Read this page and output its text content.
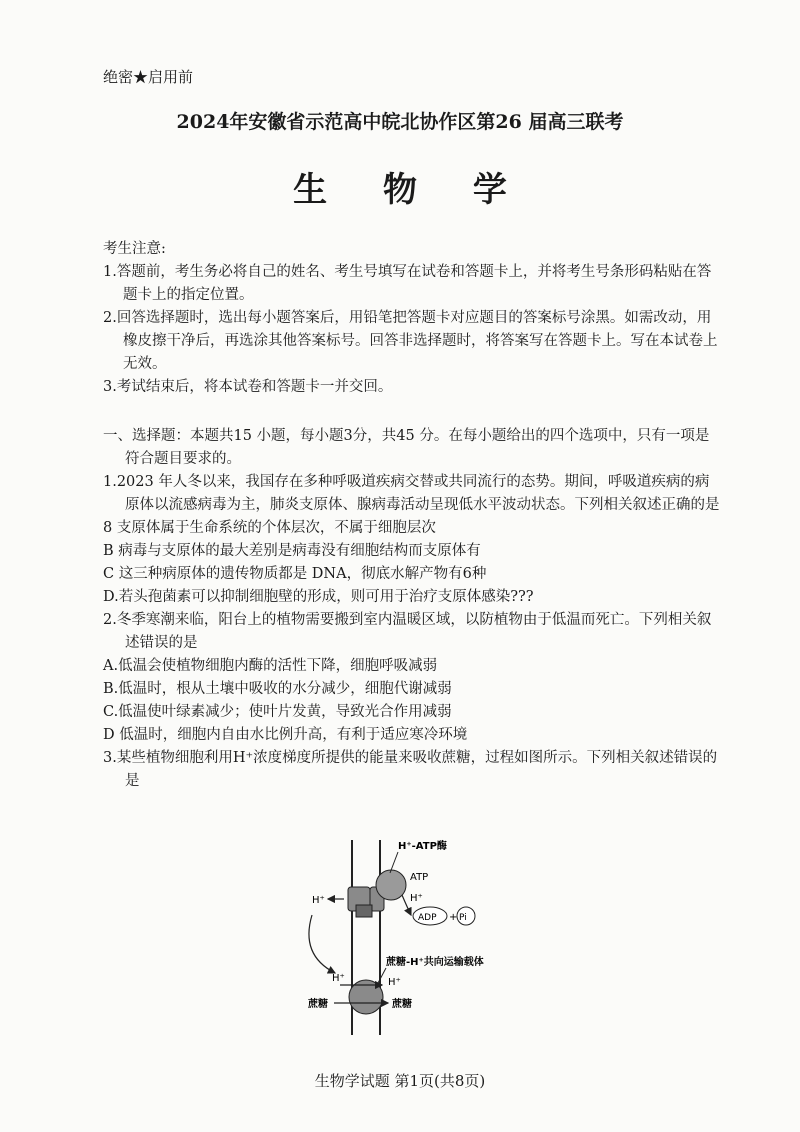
绝密★启用前
2024年安徽省示范高中皖北协作区第26 届高三联考
生 物 学
考生注意:
1.答题前，考生务必将自己的姓名、考生号填写在试卷和答题卡上，并将考生号条形码粘贴在答题卡上的指定位置。
2.回答选择题时，选出每小题答案后，用铅笔把答题卡对应题目的答案标号涂黑。如需改动，用橡皮擦干净后，再选涂其他答案标号。回答非选择题时，将答案写在答题卡上。写在本试卷上无效。
3.考试结束后，将本试卷和答题卡一并交回。
一、选择题：本题共15 小题，每小题3分，共45 分。在每小题给出的四个选项中，只有一项是符合题目要求的。
1.2023 年人冬以来，我国存在多种呼吸道疾病交替或共同流行的态势。期间，呼吸道疾病的病原体以流感病毒为主，肺炎支原体、腺病毒活动呈现低水平波动状态。下列相关叙述正确的是
8 支原体属于生命系统的个体层次，不属于细胞层次
B 病毒与支原体的最大差别是病毒没有细胞结构而支原体有
C 这三种病原体的遗传物质都是 DNA，彻底水解产物有6种
D.若头孢菌素可以抑制细胞壁的形成，则可用于治疗支原体感染???
2.冬季寒潮来临，阳台上的植物需要搬到室内温暖区域，以防植物由于低温而死亡。下列相关叙述错误的是
A.低温会使植物细胞内酶的活性下降，细胞呼吸减弱
B.低温时，根从土壤中吸收的水分减少，细胞代谢减弱
C.低温使叶绿素减少；使叶片发黄，导致光合作用减弱
D 低温时，细胞内自由水比例升高，有利于适应寒冷环境
3.某些植物细胞利用H⁺浓度梯度所提供的能量来吸收蔗糖，过程如图所示。下列相关叙述错误的是
H⁺-ATP酶
ATP
H⁺
H⁺
ADP + Pi
蔗糖-H⁺共向运输载体
H⁺	H⁺
蔗糖	蔗糖
生物学试题 第1页(共8页)
